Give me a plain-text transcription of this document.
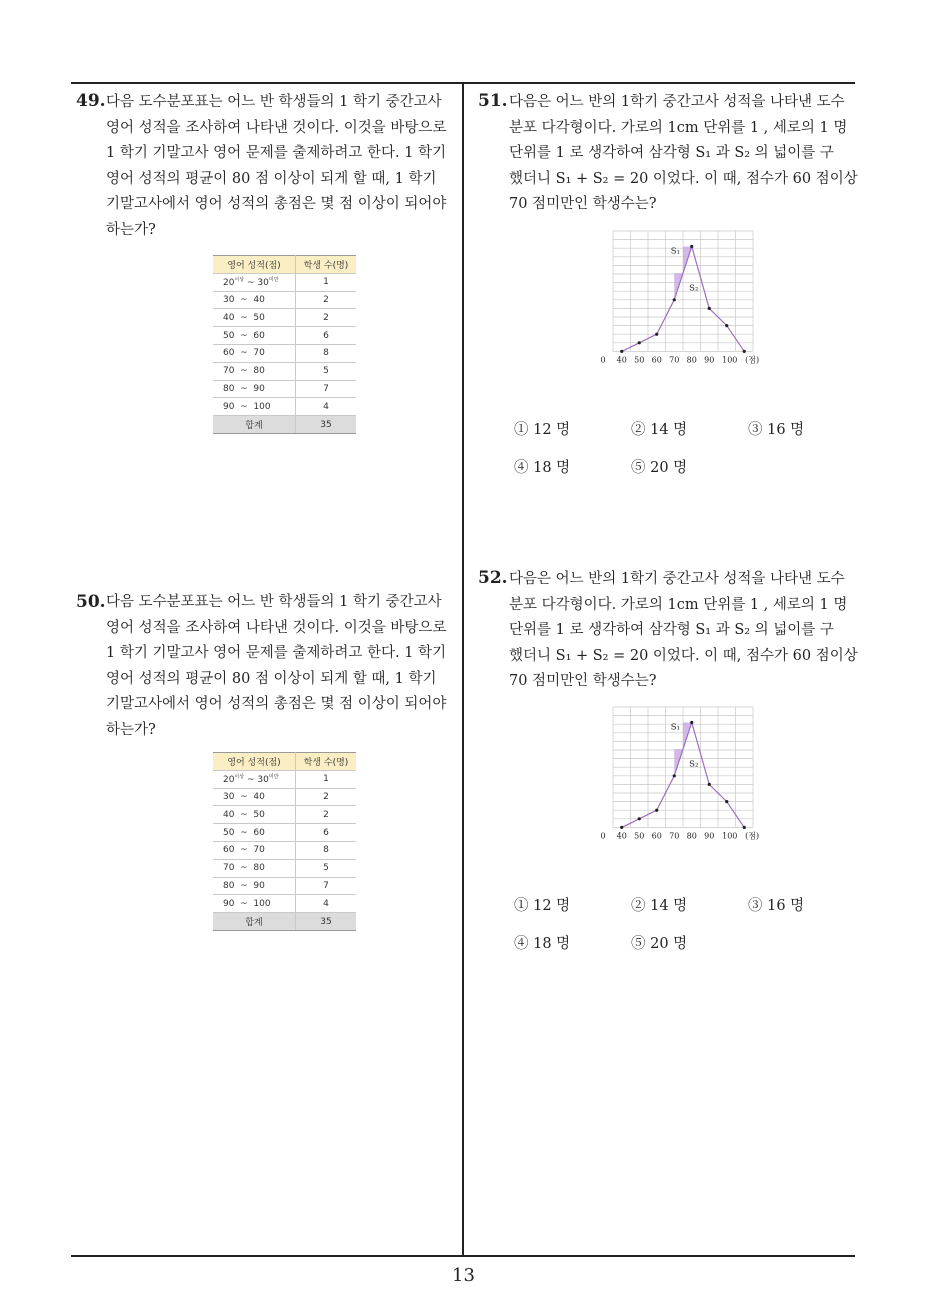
13
49. 다음 도수분포표는 어느 반 학생들의 1 학기 중간고사
영어 성적을 조사하여 나타낸 것이다. 이것을 바탕으로
1 학기 기말고사 영어 문제를 출제하려고 한다. 1 학기
영어 성적의 평균이 80 점 이상이 되게 할 때, 1 학기
기말고사에서 영어 성적의 총점은 몇 점 이상이 되어야
하는가?
영어 성적(점)	학생 수(명)
$20^{이상}$ ~ $30^{미만}$	1
30  ~  40	2
40  ~  50	2
50  ~  60	6
60  ~  70	8
70  ~  80	5
80  ~  90	7
90  ~  100	4
합계	35
50. 다음 도수분포표는 어느 반 학생들의 1 학기 중간고사
영어 성적을 조사하여 나타낸 것이다. 이것을 바탕으로
1 학기 기말고사 영어 문제를 출제하려고 한다. 1 학기
영어 성적의 평균이 80 점 이상이 되게 할 때, 1 학기
기말고사에서 영어 성적의 총점은 몇 점 이상이 되어야
하는가?
영어 성적(점)	학생 수(명)
$20^{이상}$ ~ $30^{미만}$	1
30  ~  40	2
40  ~  50	2
50  ~  60	6
60  ~  70	8
70  ~  80	5
80  ~  90	7
90  ~  100	4
합계	35
51. 다음은 어느 반의 1학기 중간고사 성적을 나타낸 도수
분포 다각형이다. 가로의 1cm 단위를 1 , 세로의 1 명
단위를 1 로 생각하여 삼각형 S₁ 과 S₂ 의 넓이를 구
했더니 S₁ + S₂ = 20 이었다. 이 때, 점수가 60 점이상
70 점미만인 학생수는?
S₁
S₂
0 40 50 60 70 80 90 100 (점)
① 12 명	② 14 명	③ 16 명
④ 18 명	⑤ 20 명
52. 다음은 어느 반의 1학기 중간고사 성적을 나타낸 도수
분포 다각형이다. 가로의 1cm 단위를 1 , 세로의 1 명
단위를 1 로 생각하여 삼각형 S₁ 과 S₂ 의 넓이를 구
했더니 S₁ + S₂ = 20 이었다. 이 때, 점수가 60 점이상
70 점미만인 학생수는?
S₁
S₂
0 40 50 60 70 80 90 100 (점)
① 12 명	② 14 명	③ 16 명
④ 18 명	⑤ 20 명
